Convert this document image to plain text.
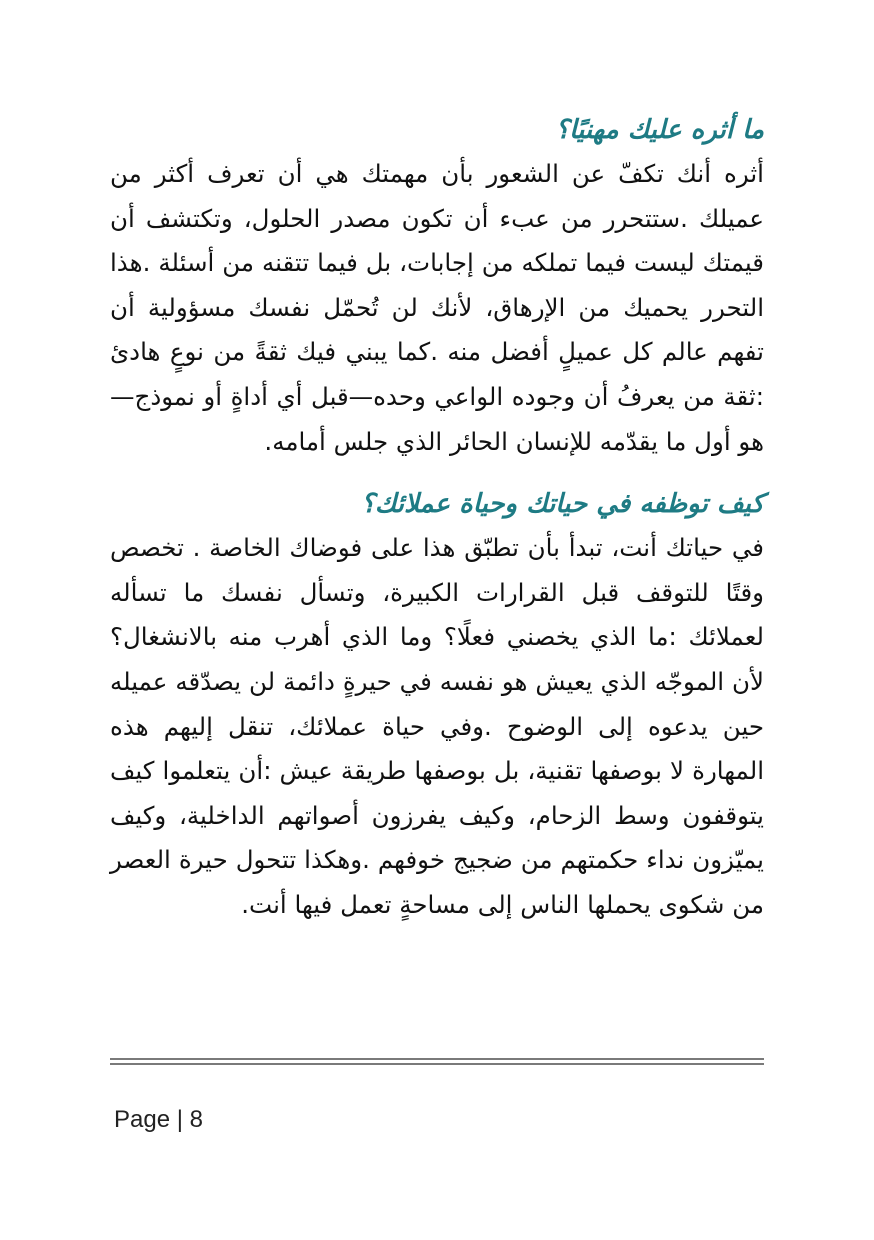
ما أثره عليك مهنيًا؟

أثره أنك تكفّ عن الشعور بأن مهمتك هي أن تعرف أكثر من عميلك .ستتحرر من عبء أن تكون مصدر الحلول، وتكتشف أن قيمتك ليست فيما تملكه من إجابات، بل فيما تتقنه من أسئلة .هذا التحرر يحميك من الإرهاق، لأنك لن تُحمّل نفسك مسؤولية أن تفهم عالم كل عميلٍ أفضل منه .كما يبني فيك ثقةً من نوعٍ هادئ :ثقة من يعرفُ أن وجوده الواعي وحده—قبل أي أداةٍ أو نموذج—هو أول ما يقدّمه للإنسان الحائر الذي جلس أمامه.

كيف توظفه في حياتك وحياة عملائك؟

في حياتك أنت، تبدأ بأن تطبّق هذا على فوضاك الخاصة . تخصص وقتًا للتوقف قبل القرارات الكبيرة، وتسأل نفسك ما تسأله لعملائك :ما الذي يخصني فعلًا؟ وما الذي أهرب منه بالانشغال؟ لأن الموجّه الذي يعيش هو نفسه في حيرةٍ دائمة لن يصدّقه عميله حين يدعوه إلى الوضوح .وفي حياة عملائك، تنقل إليهم هذه المهارة لا بوصفها تقنية، بل بوصفها طريقة عيش :أن يتعلموا كيف يتوقفون وسط الزحام، وكيف يفرزون أصواتهم الداخلية، وكيف يميّزون نداء حكمتهم من ضجيج خوفهم .وهكذا تتحول حيرة العصر من شكوى يحملها الناس إلى مساحةٍ تعمل فيها أنت.

Page | 8
